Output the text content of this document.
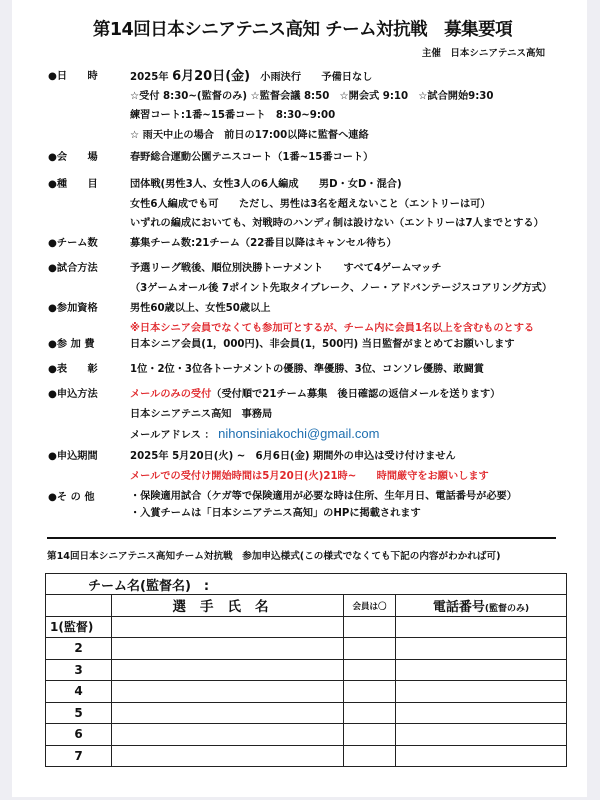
第14回日本シニアテニス高知 チーム対抗戦　募集要項
主催　日本シニアテニス高知
●日　　時	2025年 6月20日(金)　小雨決行　　予備日なし
☆受付 8:30~(監督のみ) ☆監督会議 8:50　☆開会式 9:10　☆試合開始9:30
練習コート:1番~15番コート　8:30~9:00
☆ 雨天中止の場合　前日の17:00以降に監督へ連絡
●会　　場	春野総合運動公園テニスコート（1番~15番コート）
●種　　目	団体戦(男性3人、女性3人の6人編成　　男D・女D・混合)
女性6人編成でも可　　ただし、男性は3名を超えないこと（エントリーは可）
いずれの編成においても、対戦時のハンディ制は設けない（エントリーは7人までとする）
●チーム数	募集チーム数:21チーム（22番目以降はキャンセル待ち）
●試合方法	予選リーグ戦後、順位別決勝トーナメント　　すべて4ゲームマッチ
（3ゲームオール後 7ポイント先取タイブレーク、ノー・アドバンテージスコアリング方式）
●参加資格	男性60歳以上、女性50歳以上
※日本シニア会員でなくても参加可とするが、チーム内に会員1名以上を含むものとする
●参 加 費	日本シニア会員(1，000円)、非会員(1，500円) 当日監督がまとめてお願いします
●表　　彰	1位・2位・3位各トーナメントの優勝、準優勝、3位、コンソレ優勝、敢闘賞
●申込方法	メールのみの受付（受付順で21チーム募集　後日確認の返信メールを送ります）
日本シニアテニス高知　事務局
メールアドレス ： nihonsiniakochi@gmail.com
●申込期間	2025年 5月20日(火) ~　6月6日(金) 期間外の申込は受け付けません
メールでの受付け開始時間は5月20日(火)21時~　　時間厳守をお願いします
●そ の 他	・保険適用試合（ケガ等で保険適用が必要な時は住所、生年月日、電話番号が必要）
・入賞チームは「日本シニアテニス高知」のHPに掲載されます
第14回日本シニアテニス高知チーム対抗戦　参加申込様式(この様式でなくても下記の内容がわかれば可)
チーム名(監督名)　:			
	選手氏名	会員は〇	電話番号(監督のみ)
1(監督)			
2			
3			
4			
5			
6			
7			
